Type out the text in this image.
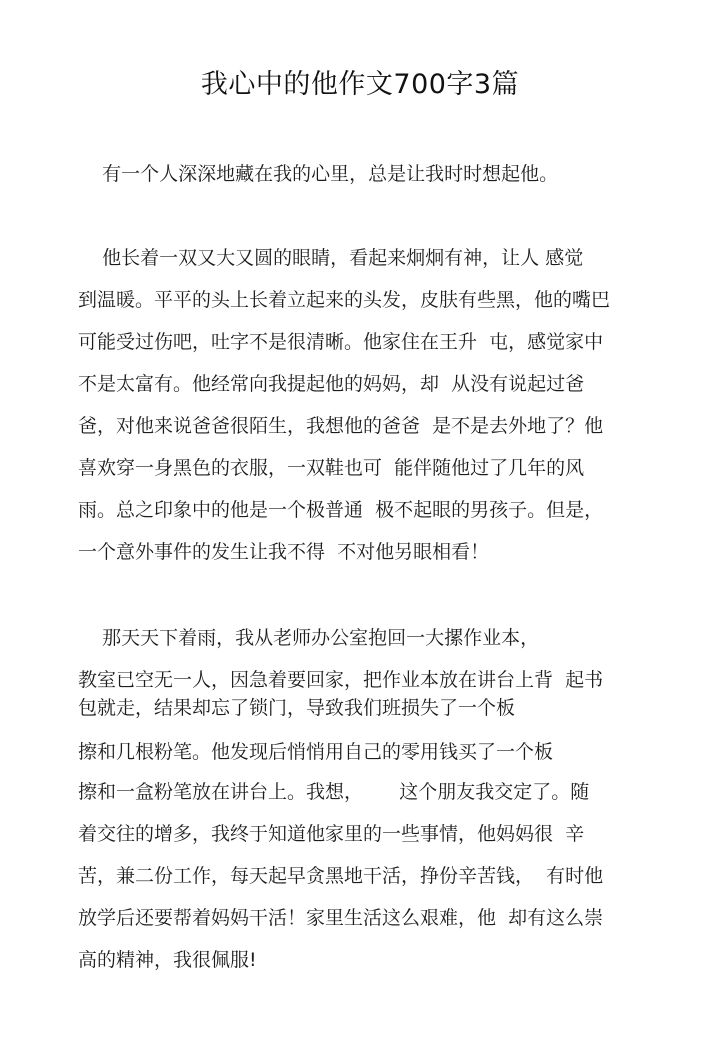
我心中的他作文700字3篇
有一个人深深地藏在我的心里，总是让我时时想起他。
他长着一双又大又圆的眼睛，看起来炯炯有神，让人 感觉
到温暖。平平的头上长着立起来的头发，皮肤有些黑，他的嘴巴
可能受过伤吧，吐字不是很清晰。他家住在王升  屯，感觉家中
不是太富有。他经常向我提起他的妈妈，却  从没有说起过爸
爸，对他来说爸爸很陌生，我想他的爸爸  是不是去外地了？他
喜欢穿一身黑色的衣服，一双鞋也可  能伴随他过了几年的风
雨。总之印象中的他是一个极普通  极不起眼的男孩子。但是，
一个意外事件的发生让我不得  不对他另眼相看！
那天天下着雨，我从老师办公室抱回一大摞作业本，
教室已空无一人，因急着要回家，把作业本放在讲台上背  起书
包就走，结果却忘了锁门，导致我们班损失了一个板
擦和几根粉笔。他发现后悄悄用自己的零用钱买了一个板
擦和一盒粉笔放在讲台上。我想，      这个朋友我交定了。随
着交往的增多，我终于知道他家里的一些事情，他妈妈很  辛
苦，兼二份工作，每天起早贪黑地干活，挣份辛苦钱，  有时他
放学后还要帮着妈妈干活！家里生活这么艰难，他  却有这么崇
高的精神，我很佩服!
